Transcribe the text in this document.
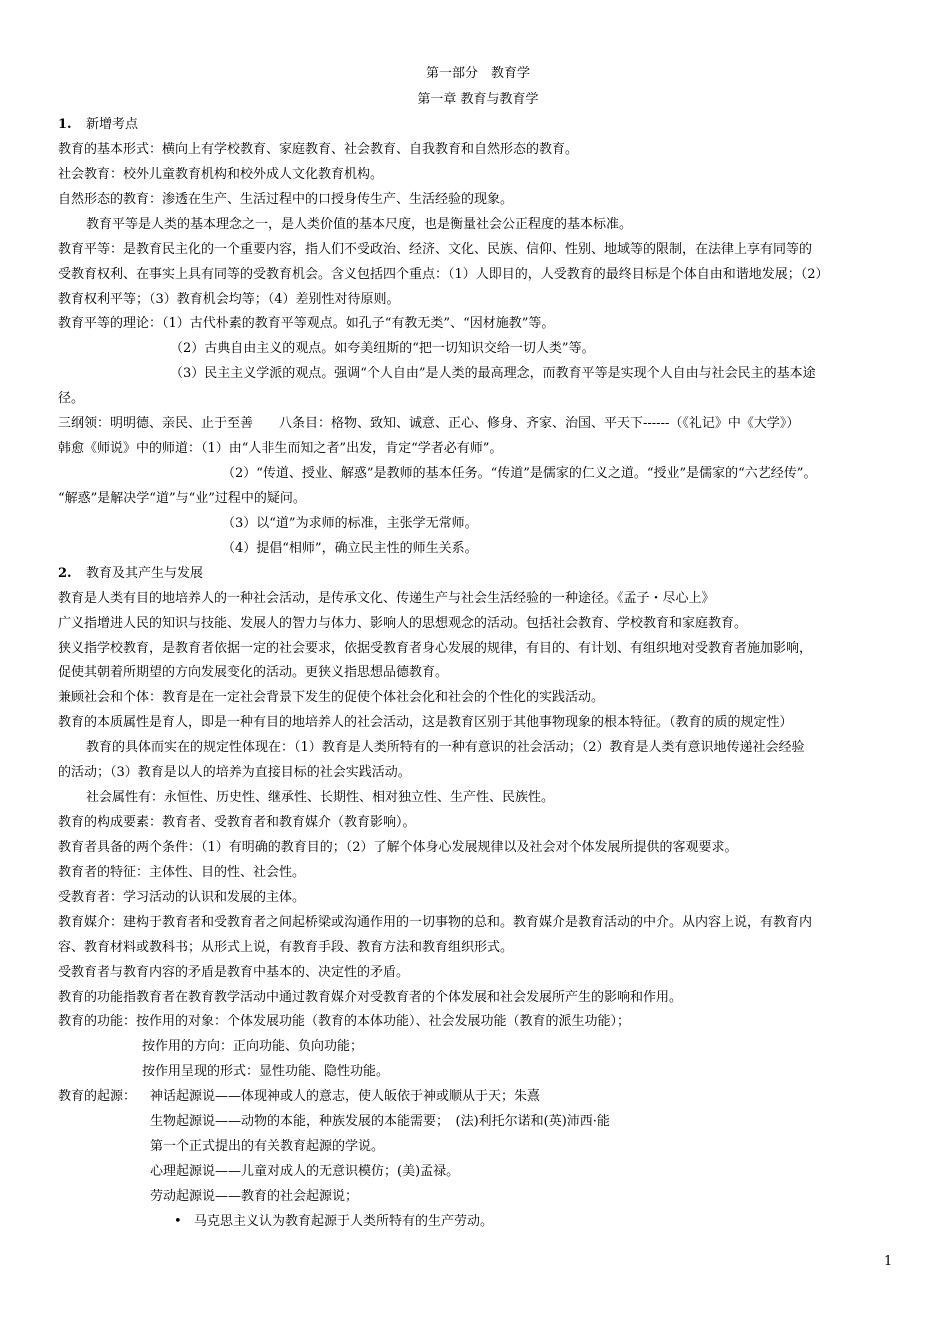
第一部分　教育学
第一章 教育与教育学
1. 新增考点
教育的基本形式：横向上有学校教育、家庭教育、社会教育、自我教育和自然形态的教育。
社会教育：校外儿童教育机构和校外成人文化教育机构。
自然形态的教育：渗透在生产、生活过程中的口授身传生产、生活经验的现象。
教育平等是人类的基本理念之一，是人类价值的基本尺度，也是衡量社会公正程度的基本标准。
教育平等：是教育民主化的一个重要内容，指人们不受政治、经济、文化、民族、信仰、性别、地域等的限制，在法律上享有同等的
受教育权利、在事实上具有同等的受教育机会。含义包括四个重点：（1）人即目的，人受教育的最终目标是个体自由和谐地发展；（2）
教育权利平等；（3）教育机会均等；（4）差别性对待原则。
教育平等的理论：（1）古代朴素的教育平等观点。如孔子“有教无类”、“因材施教”等。
（2）古典自由主义的观点。如夸美纽斯的“把一切知识交给一切人类”等。
（3）民主主义学派的观点。强调“个人自由”是人类的最高理念，而教育平等是实现个人自由与社会民主的基本途
径。
三纲领：明明德、亲民、止于至善　　八条目：格物、致知、诚意、正心、修身、齐家、治国、平天下------（《礼记》中《大学》）
韩愈《师说》中的师道：（1）由“人非生而知之者”出发，肯定“学者必有师”。
（2）“传道、授业、解惑”是教师的基本任务。“传道”是儒家的仁义之道。“授业”是儒家的“六艺经传”。
“解惑”是解决学“道”与“业”过程中的疑问。
（3）以“道”为求师的标准，主张学无常师。
（4）提倡“相师”，确立民主性的师生关系。
2. 教育及其产生与发展
教育是人类有目的地培养人的一种社会活动，是传承文化、传递生产与社会生活经验的一种途径。《孟子・尽心上》
广义指增进人民的知识与技能、发展人的智力与体力、影响人的思想观念的活动。包括社会教育、学校教育和家庭教育。
狭义指学校教育，是教育者依据一定的社会要求，依据受教育者身心发展的规律，有目的、有计划、有组织地对受教育者施加影响，
促使其朝着所期望的方向发展变化的活动。更狭义指思想品德教育。
兼顾社会和个体：教育是在一定社会背景下发生的促使个体社会化和社会的个性化的实践活动。
教育的本质属性是育人，即是一种有目的地培养人的社会活动，这是教育区别于其他事物现象的根本特征。（教育的质的规定性）
教育的具体而实在的规定性体现在：（1）教育是人类所特有的一种有意识的社会活动；（2）教育是人类有意识地传递社会经验
的活动；（3）教育是以人的培养为直接目标的社会实践活动。
社会属性有：永恒性、历史性、继承性、长期性、相对独立性、生产性、民族性。
教育的构成要素：教育者、受教育者和教育媒介（教育影响）。
教育者具备的两个条件：（1）有明确的教育目的；（2）了解个体身心发展规律以及社会对个体发展所提供的客观要求。
教育者的特征：主体性、目的性、社会性。
受教育者：学习活动的认识和发展的主体。
教育媒介：建构于教育者和受教育者之间起桥梁或沟通作用的一切事物的总和。教育媒介是教育活动的中介。从内容上说，有教育内
容、教育材料或教科书；从形式上说，有教育手段、教育方法和教育组织形式。
受教育者与教育内容的矛盾是教育中基本的、决定性的矛盾。
教育的功能指教育者在教育教学活动中通过教育媒介对受教育者的个体发展和社会发展所产生的影响和作用。
教育的功能：按作用的对象：个体发展功能（教育的本体功能）、社会发展功能（教育的派生功能）；
按作用的方向：正向功能、负向功能；
按作用呈现的形式：显性功能、隐性功能。
教育的起源： 神话起源说——体现神或人的意志，使人皈依于神或顺从于天；朱熹
生物起源说——动物的本能，种族发展的本能需要；　(法)利托尔诺和(英)沛西·能
第一个正式提出的有关教育起源的学说。
心理起源说——儿童对成人的无意识模仿；(美)孟禄。
劳动起源说——教育的社会起源说；
• 马克思主义认为教育起源于人类所特有的生产劳动。
1
